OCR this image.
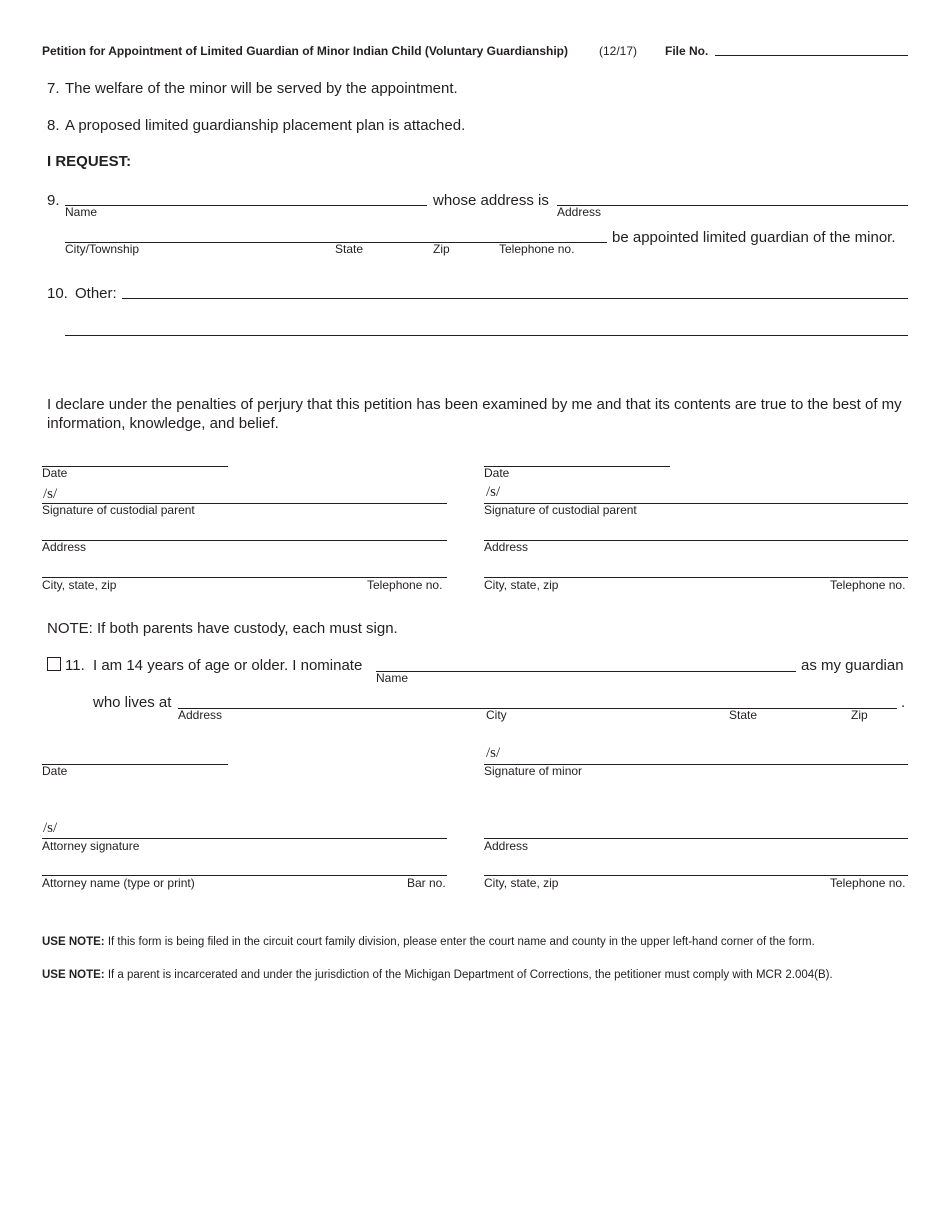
Petition for Appointment of Limited Guardian of Minor Indian Child (Voluntary Guardianship)	(12/17) File No.
7. The welfare of the minor will be served by the appointment.
8. A proposed limited guardianship placement plan is attached.
I REQUEST:
9.	whose address is
Name	Address
be appointed limited guardian of the minor.
City/Township	State	Zip	Telephone no.
10. Other:
I declare under the penalties of perjury that this petition has been examined by me and that its contents are true to the best of my information, knowledge, and belief.
Date
/s/
Signature of custodial parent
Address
City, state, zip	Telephone no.
Date
/s/
Signature of custodial parent
Address
City, state, zip	Telephone no.
NOTE: If both parents have custody, each must sign.
11. I am 14 years of age or older. I nominate	as my guardian
Name
who lives at	.
Address	City	State	Zip
Date
/s/
Signature of minor
/s/
Attorney signature
Attorney name (type or print)	Bar no.
Address
City, state, zip	Telephone no.
USE NOTE: If this form is being filed in the circuit court family division, please enter the court name and county in the upper left-hand corner of the form.
USE NOTE: If a parent is incarcerated and under the jurisdiction of the Michigan Department of Corrections, the petitioner must comply with MCR 2.004(B).
